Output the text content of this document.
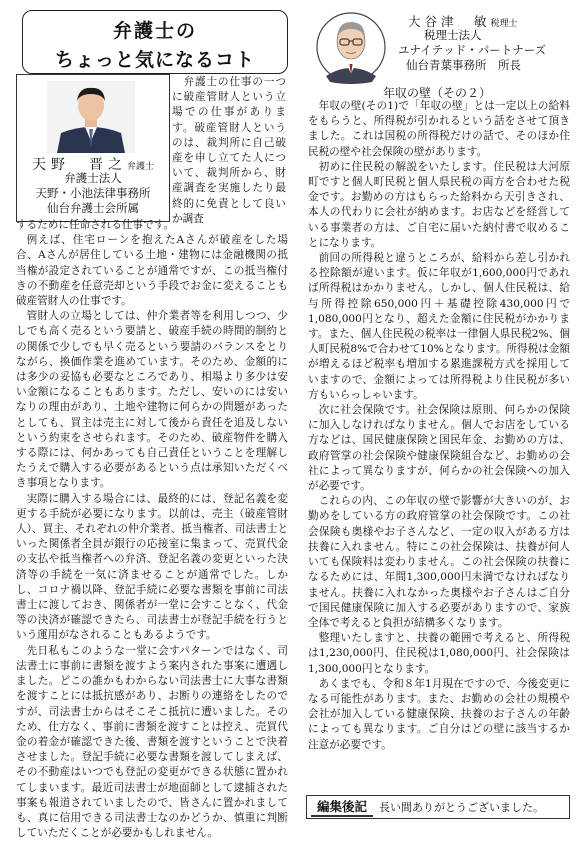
弁護士の
ちょっと気になるコト
天野　晋之弁護士
弁護士法人
天野・小池法律事務所
仙台弁護士会所属

　弁護士の仕事の一つに破産管財人という立場での仕事があります。破産管財人というのは、裁判所に自己破産を申し立てた人について、裁判所から、財産調査を実施したり最終的に免責として良いか調査

するために任命される仕事です。

例えば、住宅ローンを抱えたAさんが破産をした場合、Aさんが居住している土地・建物には金融機関の抵当権が設定されていることが通常ですが、この抵当権付きの不動産を任意売却という手段でお金に変えることも破産管財人の仕事です。

管財人の立場としては、仲介業者等を利用しつつ、少しでも高く売るという要請と、破産手続の時間的制約との関係で少しでも早く売るという要請のバランスをとりながら、換価作業を進めています。そのため、金額的には多少の妥協も必要なところであり、相場より多少は安い金額になることもあります。ただし、安いのには安いなりの理由があり、土地や建物に何らかの問題があったとしても、買主は売主に対して後から責任を追及しないという約束をさせられます。そのため、破産物件を購入する際には、何かあっても自己責任ということを理解したうえで購入する必要があるという点は承知いただくべき事項となります。

実際に購入する場合には、最終的には、登記名義を変更する手続が必要になります。以前は、売主（破産管財人）、買主、それぞれの仲介業者、抵当権者、司法書士といった関係者全員が銀行の応接室に集まって、売買代金の支払や抵当権者への弁済、登記名義の変更といった決済等の手続を一気に済ませることが通常でした。しかし、コロナ禍以降、登記手続に必要な書類を事前に司法書士に渡しておき、関係者が一堂に会すことなく、代金等の決済が確認できたら、司法書士が登記手続を行うという運用がなされることもあるようです。

先日私もこのような一堂に会すパターンではなく、司法書士に事前に書類を渡すよう案内された事案に遭遇しました。どこの誰かもわからない司法書士に大事な書類を渡すことには抵抗感があり、お断りの連絡をしたのですが、司法書士からはそこそこ抵抗に遭いました。そのため、仕方なく、事前に書類を渡すことは控え、売買代金の着金が確認できた後、書類を渡すということで決着させました。登記手続に必要な書類を渡してしまえば、その不動産はいつでも登記の変更ができる状態に置かれてしまいます。最近司法書士が地面師として逮捕された事案も報道されていましたので、皆さんに置かれましても、真に信用できる司法書士なのかどうか、慎重に判断していただくことが必要かもしれません。

大谷津　敏税理士
税理士法人
ユナイテッド・パートナーズ
仙台青葉事務所　所長
年収の壁（その２）

年収の壁(その1)で「年収の壁」とは一定以上の給料をもらうと、所得税が引かれるという話をさせて頂きました。これは国税の所得税だけの話で、そのほか住民税の壁や社会保険の壁があります。

初めに住民税の解説をいたします。住民税は大河原町ですと個人町民税と個人県民税の両方を合わせた税金です。お勤めの方はもらった給料から天引きされ、本人の代わりに会社が納めます。お店などを経営している事業者の方は、ご自宅に届いた納付書で収めることになります。

前回の所得税と違うところが、給料から差し引かれる控除額が違います。仮に年収が1,600,000円であれば所得税はかかりません。しかし、個人住民税は、給与所得控除650,000円＋基礎控除430,000円で1,080,000円となり、超えた金額に住民税がかかります。また、個人住民税の税率は一律個人県民税2%、個人町民税8%で合わせて10%となります。所得税は金額が増えるほど税率も増加する累進課税方式を採用していますので、金額によっては所得税より住民税が多い方もいらっしゃいます。

次に社会保険です。社会保険は原則、何らかの保険に加入しなければなりません。個人でお店をしている方などは、国民健康保険と国民年金、お勤めの方は、政府管掌の社会保険や健康保険組合など、お勤めの会社によって異なりますが、何らかの社会保険への加入が必要です。

これらの内、この年収の壁で影響が大きいのが、お勤めをしている方の政府管掌の社会保険です。この社会保険も奥様やお子さんなど、一定の収入がある方は扶養に入れません。特にこの社会保険は、扶養が何人いても保険料は変わりません。この社会保険の扶養になるためには、年間1,300,000円未満でなければなりません。扶養に入れなかった奥様やお子さんはご自分で国民健康保険に加入する必要がありますので、家族全体で考えると負担が結構多くなります。

整理いたしますと、扶養の範囲で考えると、所得税は1,230,000円、住民税は1,080,000円、社会保険は1,300,000円となります。

あくまでも、令和８年1月現在ですので、今後変更になる可能性があります。また、お勤めの会社の規模や会社が加入している健康保険、扶養のお子さんの年齢によっても異なります。ご自分はどの壁に該当するか注意が必要です。

編集後記	長い間ありがとうございました。
